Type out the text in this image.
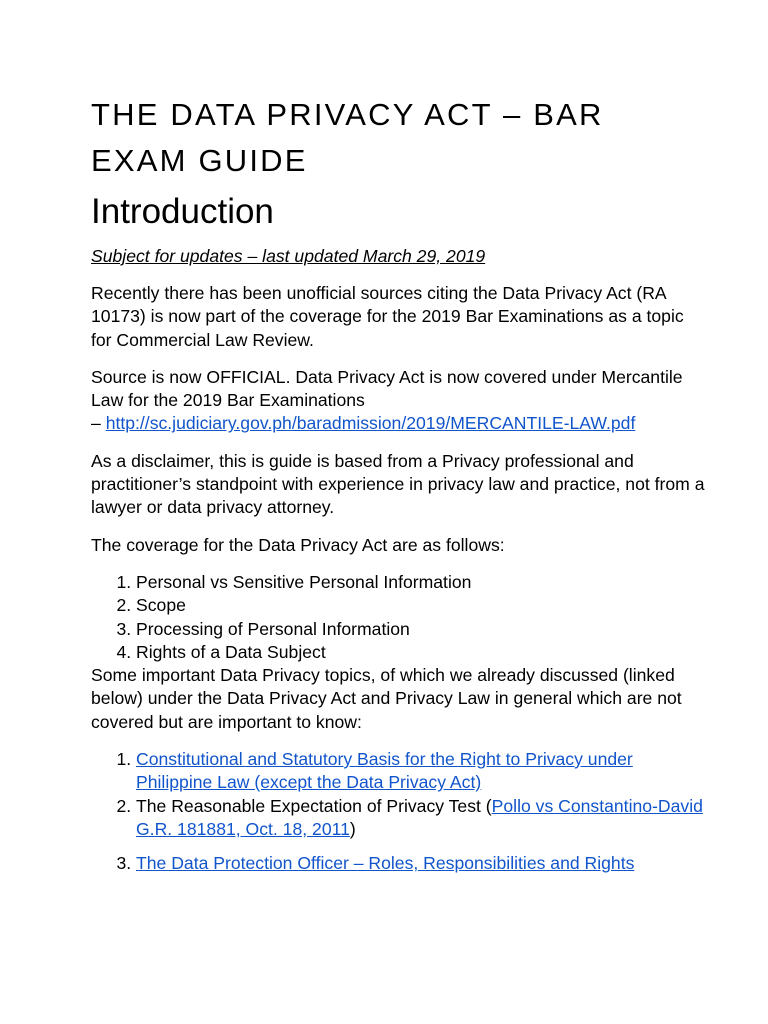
THE DATA PRIVACY ACT – BAR EXAM GUIDE
Introduction

Subject for updates – last updated March 29, 2019

Recently there has been unofficial sources citing the Data Privacy Act (RA 10173) is now part of the coverage for the 2019 Bar Examinations as a topic for Commercial Law Review.

Source is now OFFICIAL. Data Privacy Act is now covered under Mercantile Law for the 2019 Bar Examinations
– http://sc.judiciary.gov.ph/baradmission/2019/MERCANTILE-LAW.pdf

As a disclaimer, this is guide is based from a Privacy professional and practitioner’s standpoint with experience in privacy law and practice, not from a lawyer or data privacy attorney.

The coverage for the Data Privacy Act are as follows:

1. Personal vs Sensitive Personal Information
2. Scope
3. Processing of Personal Information
4. Rights of a Data Subject

Some important Data Privacy topics, of which we already discussed (linked below) under the Data Privacy Act and Privacy Law in general which are not covered but are important to know:

1. Constitutional and Statutory Basis for the Right to Privacy under Philippine Law (except the Data Privacy Act)
2. The Reasonable Expectation of Privacy Test (Pollo vs Constantino-David G.R. 181881, Oct. 18, 2011)
3. The Data Protection Officer – Roles, Responsibilities and Rights
